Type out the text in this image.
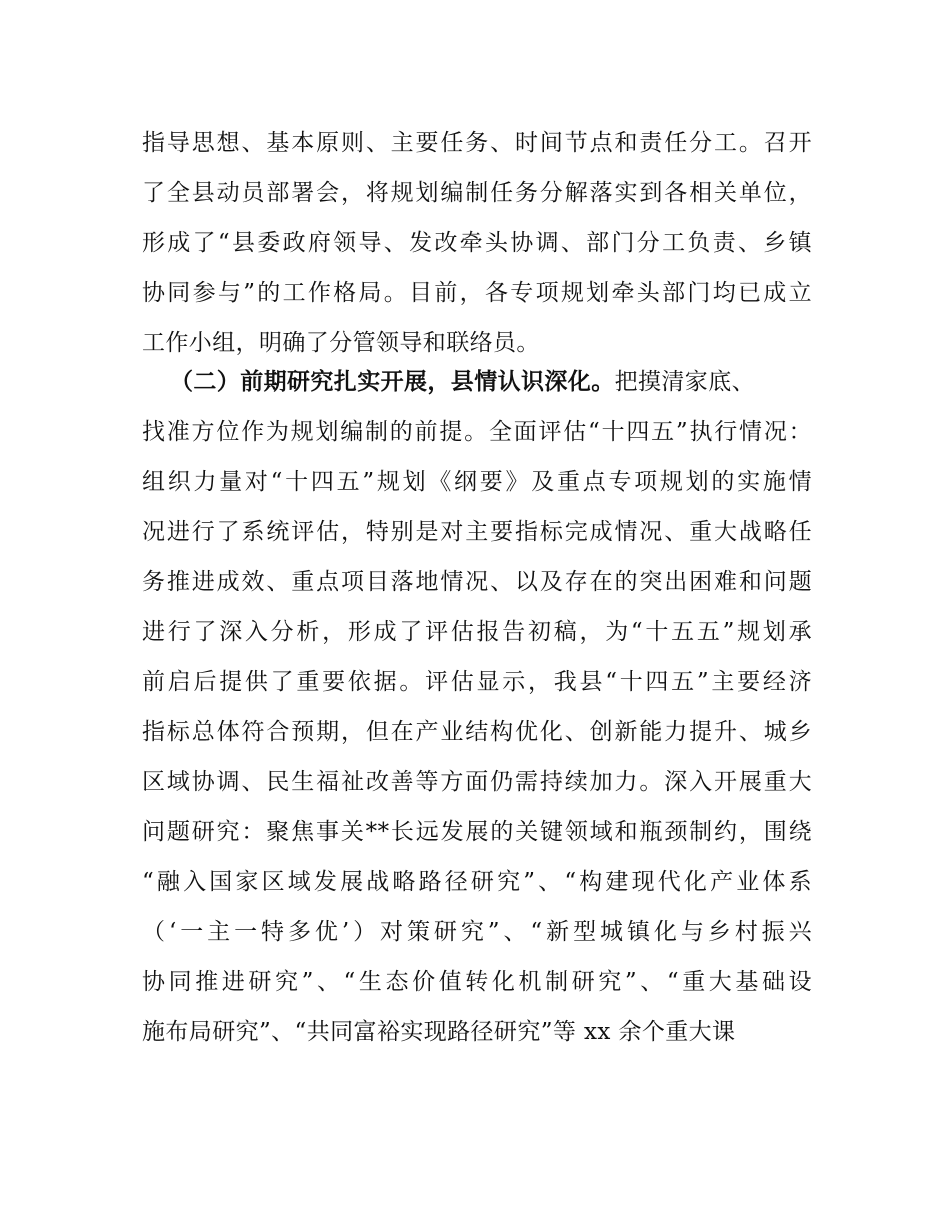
指导思想、基本原则、主要任务、时间节点和责任分工。召开
了全县动员部署会，将规划编制任务分解落实到各相关单位，
形成了“县委政府领导、发改牵头协调、部门分工负责、乡镇
协同参与”的工作格局。目前，各专项规划牵头部门均已成立
工作小组，明确了分管领导和联络员。
（二）前期研究扎实开展，县情认识深化。把摸清家底、
找准方位作为规划编制的前提。全面评估“十四五”执行情况：
组织力量对“十四五”规划《纲要》及重点专项规划的实施情
况进行了系统评估，特别是对主要指标完成情况、重大战略任
务推进成效、重点项目落地情况、以及存在的突出困难和问题
进行了深入分析，形成了评估报告初稿，为“十五五”规划承
前启后提供了重要依据。评估显示，我县“十四五”主要经济
指标总体符合预期，但在产业结构优化、创新能力提升、城乡
区域协调、民生福祉改善等方面仍需持续加力。深入开展重大
问题研究：聚焦事关**长远发展的关键领域和瓶颈制约，围绕
“融入国家区域发展战略路径研究”、“构建现代化产业体系
（‘一主一特多优’）对策研究”、“新型城镇化与乡村振兴
协同推进研究”、“生态价值转化机制研究”、“重大基础设
施布局研究”、“共同富裕实现路径研究”等 xx 余个重大课
